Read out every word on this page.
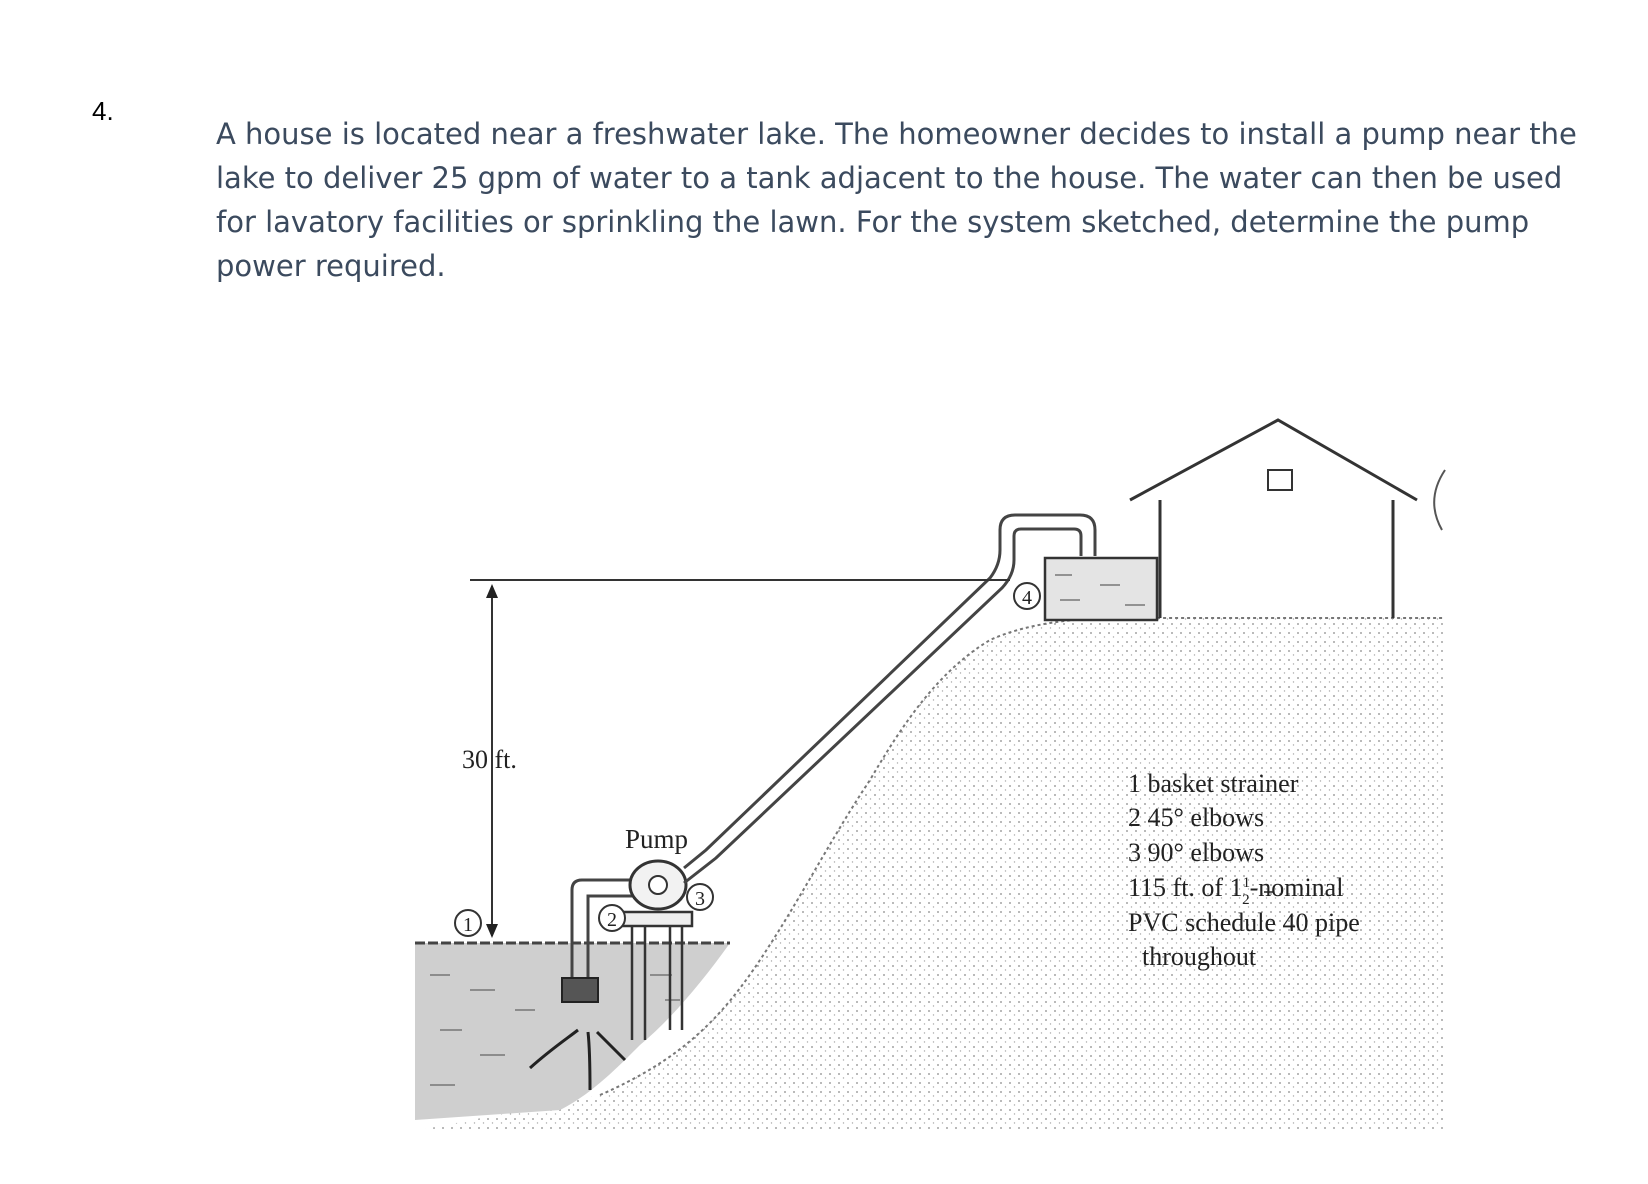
4.
A house is located near a freshwater lake. The homeowner decides to install a pump near the
lake to deliver 25 gpm of water to a tank adjacent to the house. The water can then be used
for lavatory facilities or sprinkling the lawn. For the system sketched, determine the pump
power required.
30 ft.
1	2
3
4
Pump
1 basket strainer
2 45° elbows
3 90° elbows
115 ft. of $1^1$ 2-nominal
PVC schedule 40 pipe
throughout
